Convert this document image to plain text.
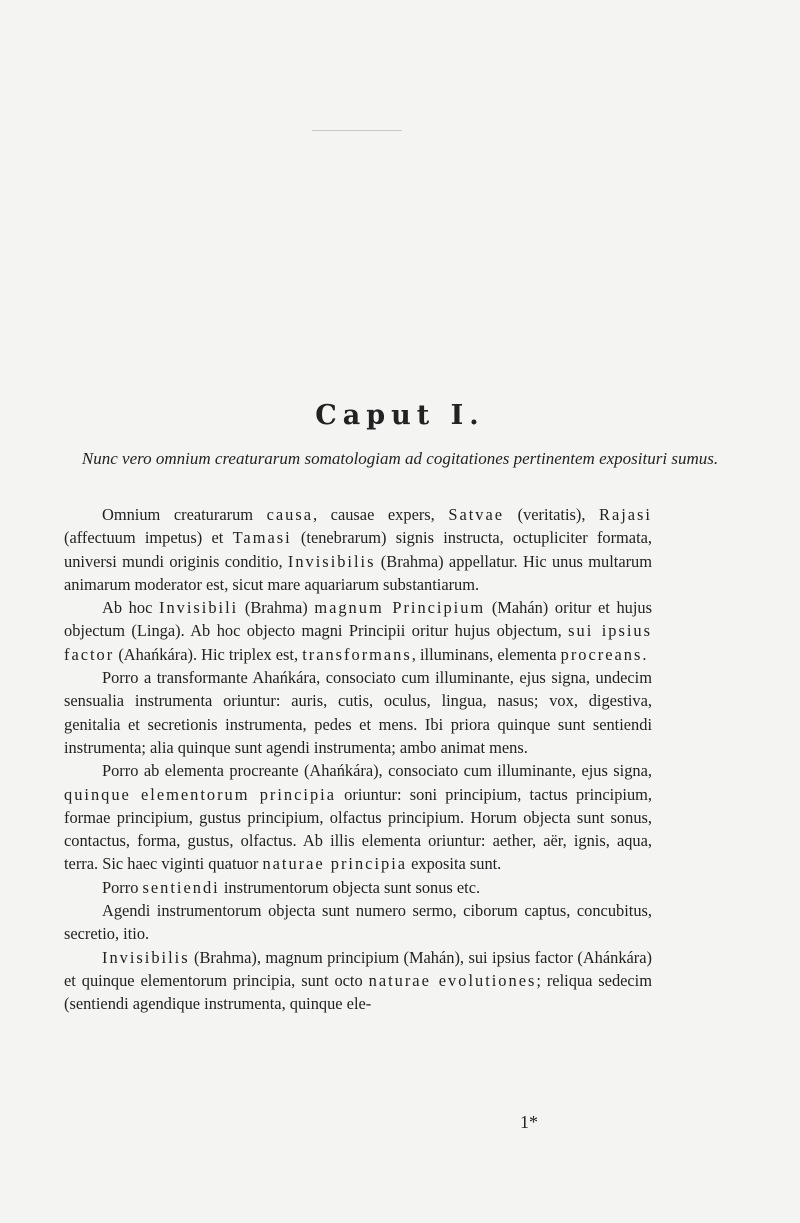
Caput I.
Nunc vero omnium creaturarum somatologiam ad cogitationes pertinentem exposituri sumus.

Omnium creaturarum causa, causae expers, Satvae (veritatis), Rajasi (affectuum impetus) et Tamasi (tenebrarum) signis instructa, octupliciter formata, universi mundi originis conditio, Invisibilis (Brahma) appellatur. Hic unus multarum animarum moderator est, sicut mare aquariarum substantiarum.

Ab hoc Invisibili (Brahma) magnum Principium (Mahán) oritur et hujus objectum (Linga). Ab hoc objecto magni Principii oritur hujus objectum, sui ipsius factor (Ahańkára). Hic triplex est, transformans, illuminans, elementa procreans.

Porro a transformante Ahańkára, consociato cum illuminante, ejus signa, undecim sensualia instrumenta oriuntur: auris, cutis, oculus, lingua, nasus; vox, digestiva, genitalia et secretionis instrumenta, pedes et mens. Ibi priora quinque sunt sentiendi instrumenta; alia quinque sunt agendi instrumenta; ambo animat mens.

Porro ab elementa procreante (Ahańkára), consociato cum illuminante, ejus signa, quinque elementorum principia oriuntur: soni principium, tactus principium, formae principium, gustus principium, olfactus principium. Horum objecta sunt sonus, contactus, forma, gustus, olfactus. Ab illis elementa oriuntur: aether, aër, ignis, aqua, terra. Sic haec viginti quatuor naturae principia exposita sunt.

Porro sentiendi instrumentorum objecta sunt sonus etc.

Agendi instrumentorum objecta sunt numero sermo, ciborum captus, concubitus, secretio, itio.

Invisibilis (Brahma), magnum principium (Mahán), sui ipsius factor (Ahánkára) et quinque elementorum principia, sunt octo naturae evolutiones; reliqua sedecim (sentiendi agendique instrumenta, quinque ele-

1*
